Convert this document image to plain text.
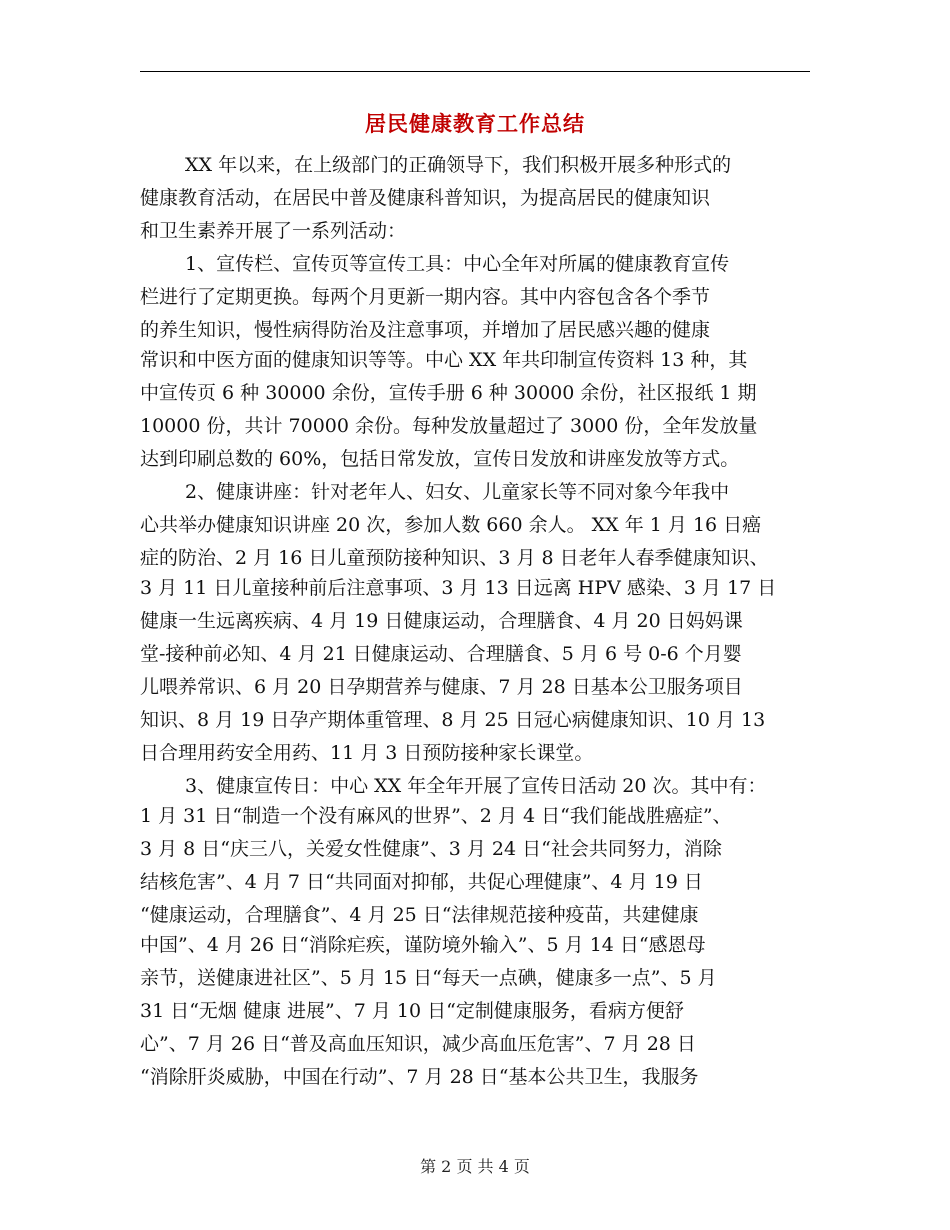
居民健康教育工作总结
XX 年以来，在上级部门的正确领导下，我们积极开展多种形式的
健康教育活动，在居民中普及健康科普知识，为提高居民的健康知识
和卫生素养开展了一系列活动：
1、宣传栏、宣传页等宣传工具：中心全年对所属的健康教育宣传
栏进行了定期更换。每两个月更新一期内容。其中内容包含各个季节
的养生知识，慢性病得防治及注意事项，并增加了居民感兴趣的健康
常识和中医方面的健康知识等等。中心 XX 年共印制宣传资料 13 种，其
中宣传页 6 种 30000 余份，宣传手册 6 种 30000 余份，社区报纸 1 期
10000 份，共计 70000 余份。每种发放量超过了 3000 份，全年发放量
达到印刷总数的 60%，包括日常发放，宣传日发放和讲座发放等方式。
2、健康讲座：针对老年人、妇女、儿童家长等不同对象今年我中
心共举办健康知识讲座 20 次，参加人数 660 余人。 XX 年 1 月 16 日癌
症的防治、2 月 16 日儿童预防接种知识、3 月 8 日老年人春季健康知识、
3 月 11 日儿童接种前后注意事项、3 月 13 日远离 HPV 感染、3 月 17 日
健康一生远离疾病、4 月 19 日健康运动，合理膳食、4 月 20 日妈妈课
堂-接种前必知、4 月 21 日健康运动、合理膳食、5 月 6 号 0-6 个月婴
儿喂养常识、6 月 20 日孕期营养与健康、7 月 28 日基本公卫服务项目
知识、8 月 19 日孕产期体重管理、8 月 25 日冠心病健康知识、10 月 13
日合理用药安全用药、11 月 3 日预防接种家长课堂。
3、健康宣传日：中心 XX 年全年开展了宣传日活动 20 次。其中有：
1 月 31 日“制造一个没有麻风的世界”、2 月 4 日“我们能战胜癌症”、
3 月 8 日“庆三八，关爱女性健康”、3 月 24 日“社会共同努力，消除
结核危害”、4 月 7 日“共同面对抑郁，共促心理健康”、4 月 19 日
“健康运动，合理膳食”、4 月 25 日“法律规范接种疫苗，共建健康
中国”、4 月 26 日“消除疟疾，谨防境外输入”、5 月 14 日“感恩母
亲节，送健康进社区”、5 月 15 日“每天一点碘，健康多一点”、5 月
31 日“无烟 健康 进展”、7 月 10 日“定制健康服务，看病方便舒
心”、7 月 26 日“普及高血压知识，减少高血压危害”、7 月 28 日
“消除肝炎威胁，中国在行动”、7 月 28 日“基本公共卫生，我服务
第 2 页 共 4 页
